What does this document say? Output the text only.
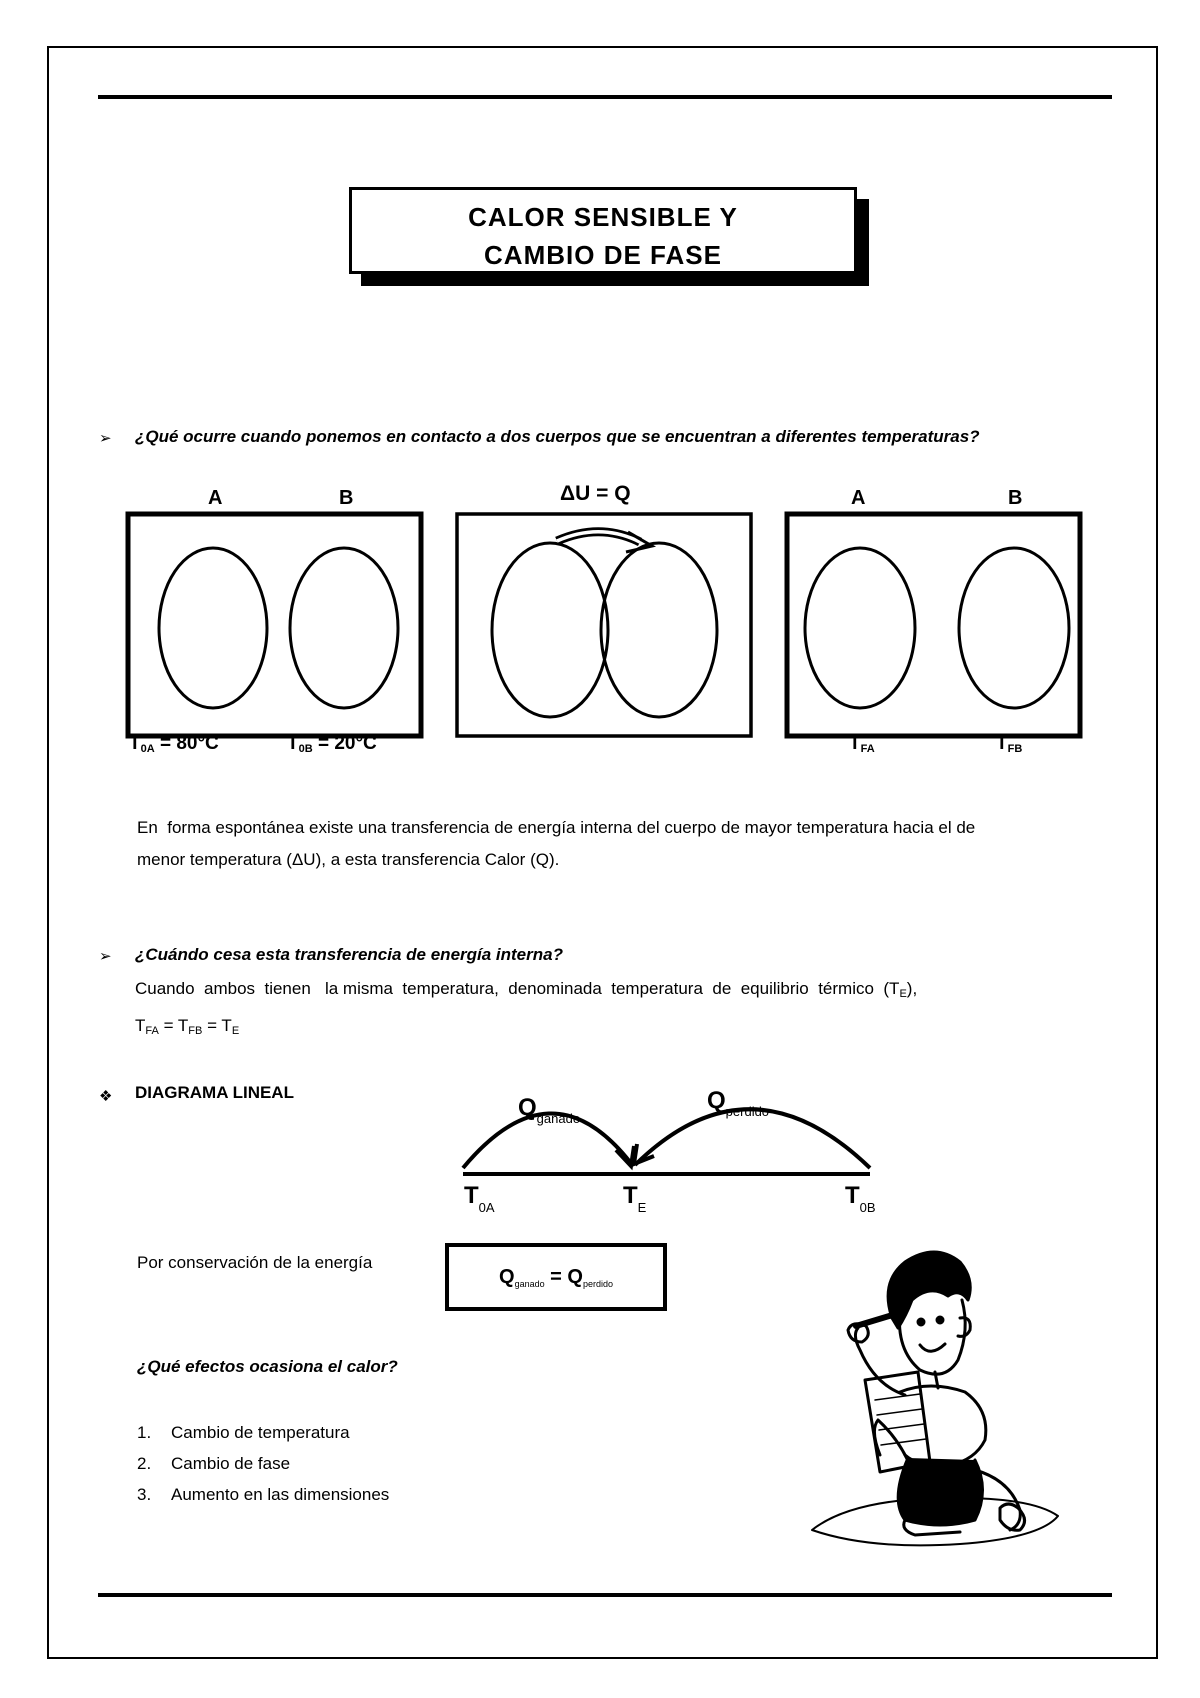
CALOR SENSIBLE Y
CAMBIO DE FASE
➢ ¿Qué ocurre cuando ponemos en contacto a dos cuerpos que se encuentran a diferentes temperaturas?
A	B	ΔU = Q	A	B
$T_{0A} = 80^\circ C$	$T_{0B} = 20^\circ C$	$T_{FA}$	$T_{FB}$
En  forma espontánea existe una transferencia de energía interna del cuerpo de mayor temperatura hacia el de
menor temperatura (ΔU), a esta transferencia Calor (Q).
➢ ¿Cuándo cesa esta transferencia de energía interna?
Cuando  ambos  tienen   la misma  temperatura,  denominada  temperatura  de  equilibrio  térmico  $(T_E)$,
$T_{FA} = T_{FB} = T_E$
❖ DIAGRAMA LINEAL
$Q_{ganado}$
$Q_{perdido}$
$T_{0A}$	$T_E$	$T_{0B}$
Por conservación de la energía
$Q_{ganado} = Q_{perdido}$
¿Qué efectos ocasiona el calor?
1. Cambio de temperatura
2. Cambio de fase
3. Aumento en las dimensiones
